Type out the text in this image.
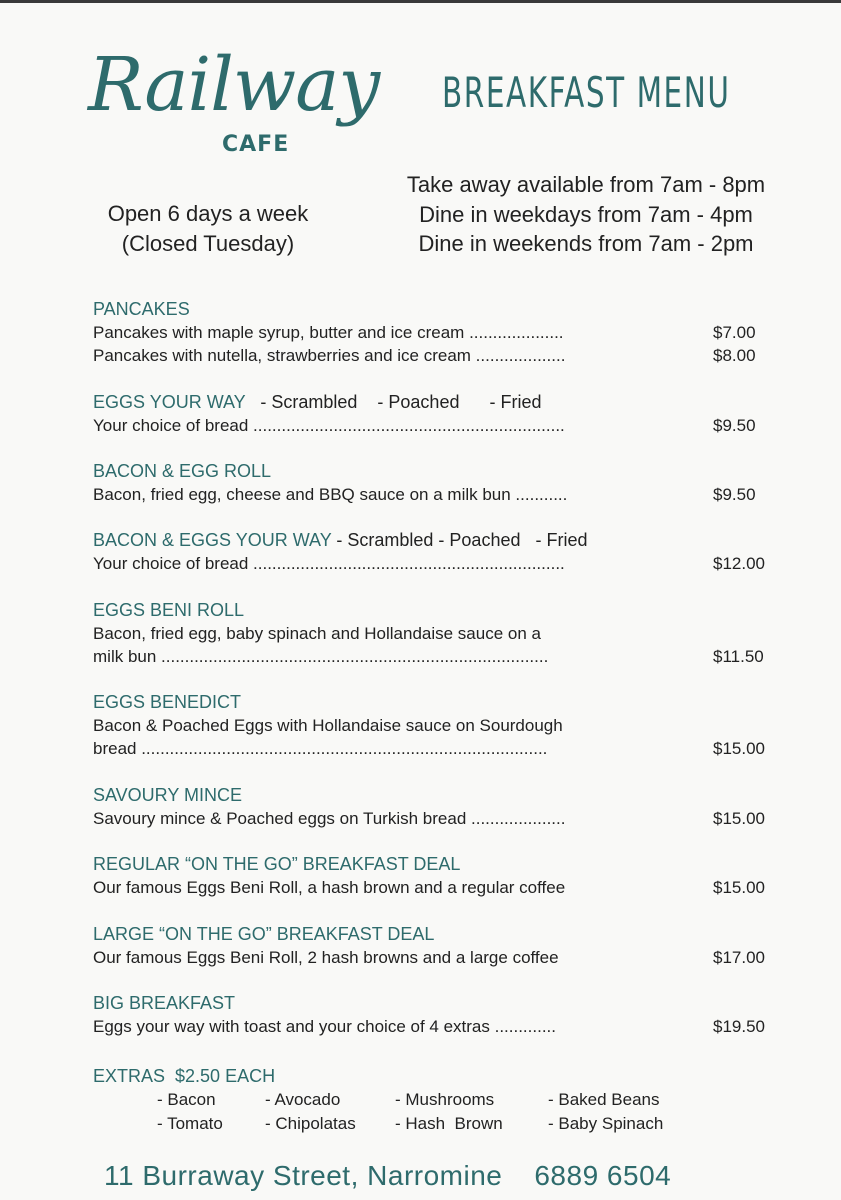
Railway
CAFE
BREAKFAST MENU
Open 6 days a week
(Closed Tuesday)
Take away available from 7am - 8pm
Dine in weekdays from 7am - 4pm
Dine in weekends from 7am - 2pm
PANCAKES
Pancakes with maple syrup, butter and ice cream ....................	$7.00
Pancakes with nutella, strawberries and ice cream ...................	$8.00
EGGS YOUR WAY   - Scrambled    - Poached      - Fried
Your choice of bread ..................................................................	$9.50
BACON & EGG ROLL
Bacon, fried egg, cheese and BBQ sauce on a milk bun ...........	$9.50
BACON & EGGS YOUR WAY - Scrambled - Poached   - Fried
Your choice of bread ..................................................................	$12.00
EGGS BENI ROLL
Bacon, fried egg, baby spinach and Hollandaise sauce on a
milk bun ..................................................................................	$11.50
EGGS BENEDICT
Bacon & Poached Eggs with Hollandaise sauce on Sourdough
bread ......................................................................................	$15.00
SAVOURY MINCE
Savoury mince & Poached eggs on Turkish bread ....................	$15.00
REGULAR “ON THE GO” BREAKFAST DEAL
Our famous Eggs Beni Roll, a hash brown and a regular coffee	$15.00
LARGE “ON THE GO” BREAKFAST DEAL
Our famous Eggs Beni Roll, 2 hash browns and a large coffee	$17.00
BIG BREAKFAST
Eggs your way with toast and your choice of 4 extras .............	$19.50
EXTRAS  $2.50 EACH
- Bacon	- Avocado	- Mushrooms	- Baked Beans
- Tomato - Chipolatas - Hash  Brown	- Baby Spinach
11 Burraway Street, Narromine 6889 6504
